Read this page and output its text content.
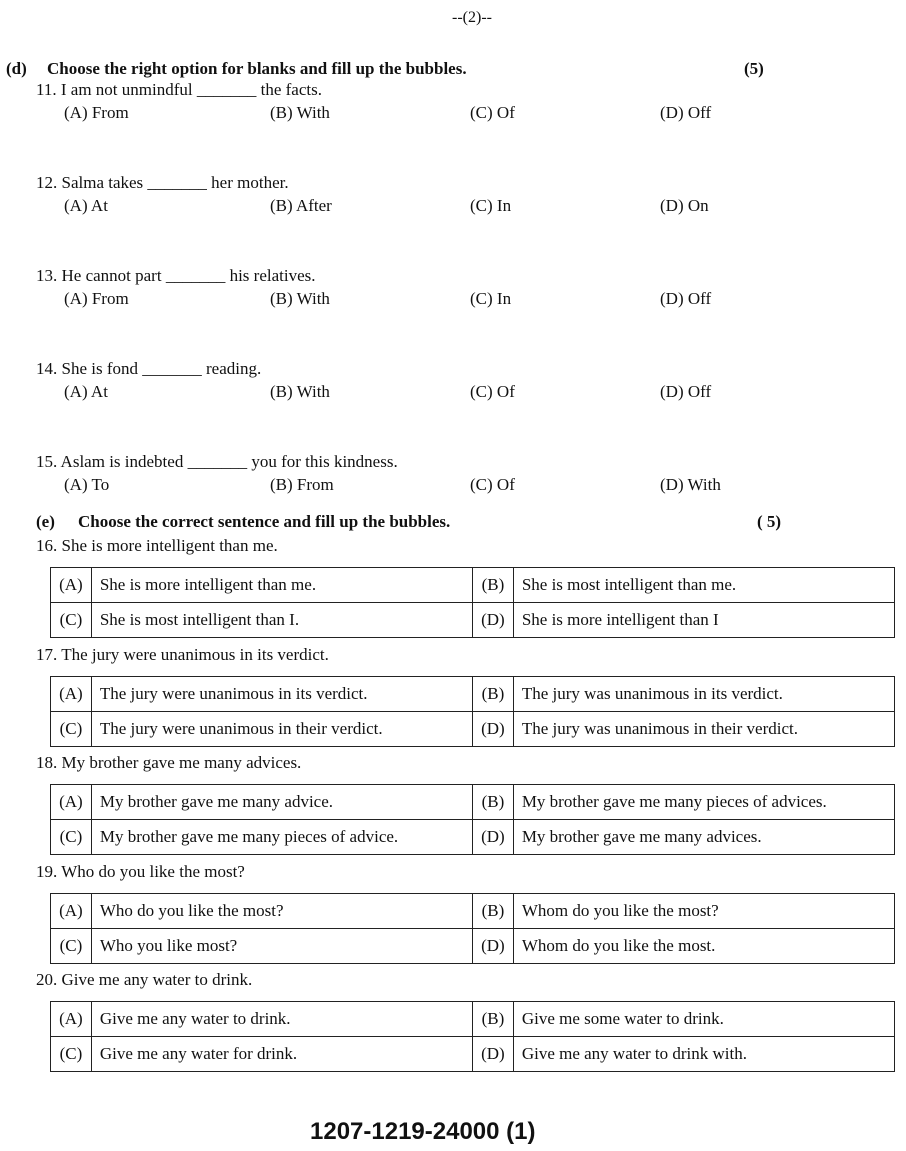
--(2)--
(d) Choose the right option for blanks and fill up the bubbles.	(5)
11. I am not unmindful _______ the facts.
(A) From	(B) With	(C) Of	(D) Off
12. Salma takes _______ her mother.
(A) At	(B) After	(C) In	(D) On
13. He cannot part _______ his relatives.
(A) From	(B) With	(C) In	(D) Off
14. She is fond _______ reading.
(A) At	(B) With	(C) Of	(D) Off
15. Aslam is indebted _______ you for this kindness.
(A) To	(B) From	(C) Of	(D) With
(e) Choose the correct sentence and fill up the bubbles.	( 5)
16. She is more intelligent than me.
(A)	She is more intelligent than me.	(B)	She is most intelligent than me.
(C)	She is most intelligent than I.	(D)	She is more intelligent than I
17. The jury were unanimous in its verdict.
(A)	The jury were unanimous in its verdict.	(B)	The jury was unanimous in its verdict.
(C)	The jury were unanimous in their verdict.	(D)	The jury was unanimous in their verdict.
18. My brother gave me many advices.
(A)	My brother gave me many advice.	(B)	My brother gave me many pieces of advices.
(C)	My brother gave me many pieces of advice.	(D)	My brother gave me many advices.
19. Who do you like the most?
(A)	Who do you like the most?	(B)	Whom do you like the most?
(C)	Who you like most?	(D)	Whom do you like the most.
20. Give me any water to drink.
(A)	Give me any water to drink.	(B)	Give me some water to drink.
(C)	Give me any water for drink.	(D)	Give me any water to drink with.
1207-1219-24000 (1)
